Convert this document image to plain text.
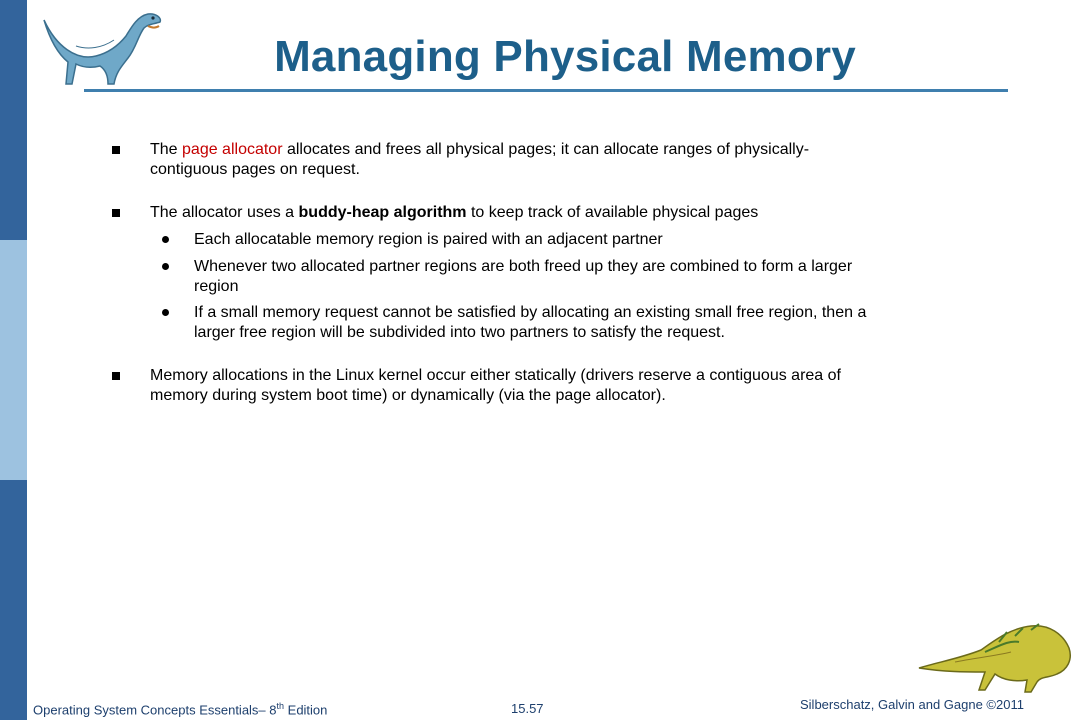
Managing Physical Memory
The page allocator allocates and frees all physical pages; it can allocate ranges of physically-
contiguous pages on request.
The allocator uses a buddy-heap algorithm to keep track of available physical pages
Each allocatable memory region is paired with an adjacent partner
Whenever two allocated partner regions are both freed up they are combined to form a larger
region
If a small memory request cannot be satisfied by allocating an existing small free region, then a
larger free region will be subdivided into two partners to satisfy the request.
Memory allocations in the Linux kernel occur either statically (drivers reserve a contiguous area of
memory during system boot time) or dynamically (via the page allocator).
Operating System Concepts Essentials– 8th Edition	15.57	Silberschatz, Galvin and Gagne ©2011
